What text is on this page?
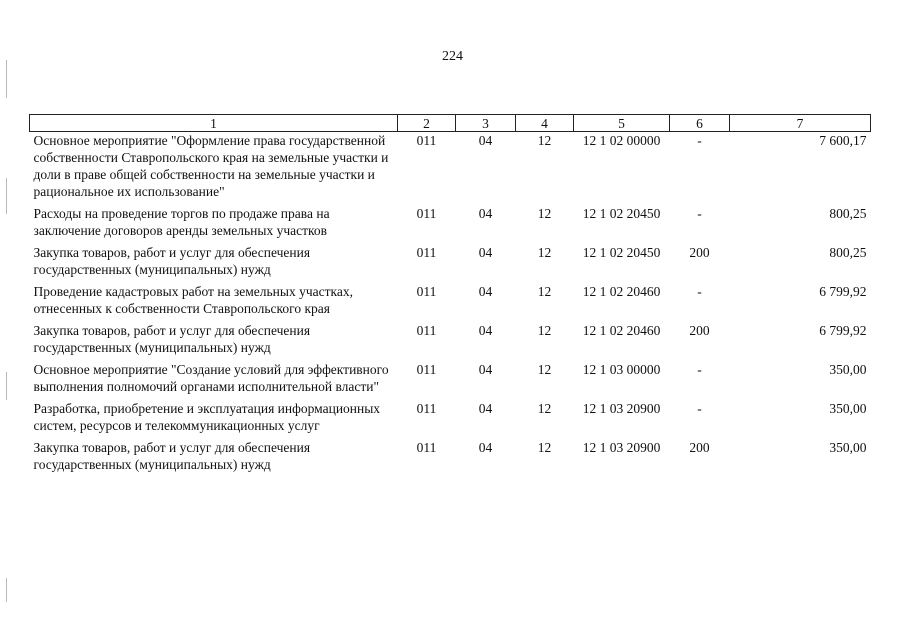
224
1	2	3	4	5	6	7
Основное мероприятие "Оформление права государственной собственности Ставропольского края на земельные участки и доли в праве общей собственности на земельные участки и рациональное их использование"	011	04	12	12 1 02 00000	-	7 600,17
Расходы на проведение торгов по продаже права на заключение договоров аренды земельных участков	011	04	12	12 1 02 20450	-	800,25
Закупка товаров, работ и услуг для обеспечения государственных (муниципальных) нужд	011	04	12	12 1 02 20450	200	800,25
Проведение кадастровых работ на земельных участках, отнесенных к собственности Ставропольского края	011	04	12	12 1 02 20460	-	6 799,92
Закупка товаров, работ и услуг для обеспечения государственных (муниципальных) нужд	011	04	12	12 1 02 20460	200	6 799,92
Основное мероприятие "Создание условий для эффективного выполнения полномочий органами исполнительной власти"	011	04	12	12 1 03 00000	-	350,00
Разработка, приобретение и эксплуатация информационных систем, ресурсов и телекоммуникационных услуг	011	04	12	12 1 03 20900	-	350,00
Закупка товаров, работ и услуг для обеспечения государственных (муниципальных) нужд	011	04	12	12 1 03 20900	200	350,00
